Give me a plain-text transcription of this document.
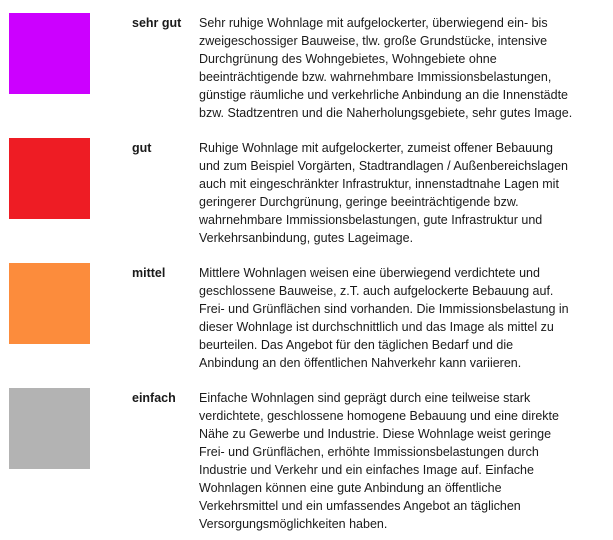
sehr gut Sehr ruhige Wohnlage mit aufgelockerter, überwiegend ein- bis
zweigeschossiger Bauweise, tlw. große Grundstücke, intensive
Durchgrünung des Wohngebietes, Wohngebiete ohne
beeinträchtigende bzw. wahrnehmbare Immissionsbelastungen,
günstige räumliche und verkehrliche Anbindung an die Innenstädte
bzw. Stadtzentren und die Naherholungsgebiete, sehr gutes Image.
gut	Ruhige Wohnlage mit aufgelockerter, zumeist offener Bebauung
und zum Beispiel Vorgärten, Stadtrandlagen / Außenbereichslagen
auch mit eingeschränkter Infrastruktur, innenstadtnahe Lagen mit
geringerer Durchgrünung, geringe beeinträchtigende bzw.
wahrnehmbare Immissionsbelastungen, gute Infrastruktur und
Verkehrsanbindung, gutes Lageimage.
mittel	Mittlere Wohnlagen weisen eine überwiegend verdichtete und
geschlossene Bauweise, z.T. auch aufgelockerte Bebauung auf.
Frei- und Grünflächen sind vorhanden. Die Immissionsbelastung in
dieser Wohnlage ist durchschnittlich und das Image als mittel zu
beurteilen. Das Angebot für den täglichen Bedarf und die
Anbindung an den öffentlichen Nahverkehr kann variieren.
einfach Einfache Wohnlagen sind geprägt durch eine teilweise stark
verdichtete, geschlossene homogene Bebauung und eine direkte
Nähe zu Gewerbe und Industrie. Diese Wohnlage weist geringe
Frei- und Grünflächen, erhöhte Immissionsbelastungen durch
Industrie und Verkehr und ein einfaches Image auf. Einfache
Wohnlagen können eine gute Anbindung an öffentliche
Verkehrsmittel und ein umfassendes Angebot an täglichen
Versorgungsmöglichkeiten haben.
